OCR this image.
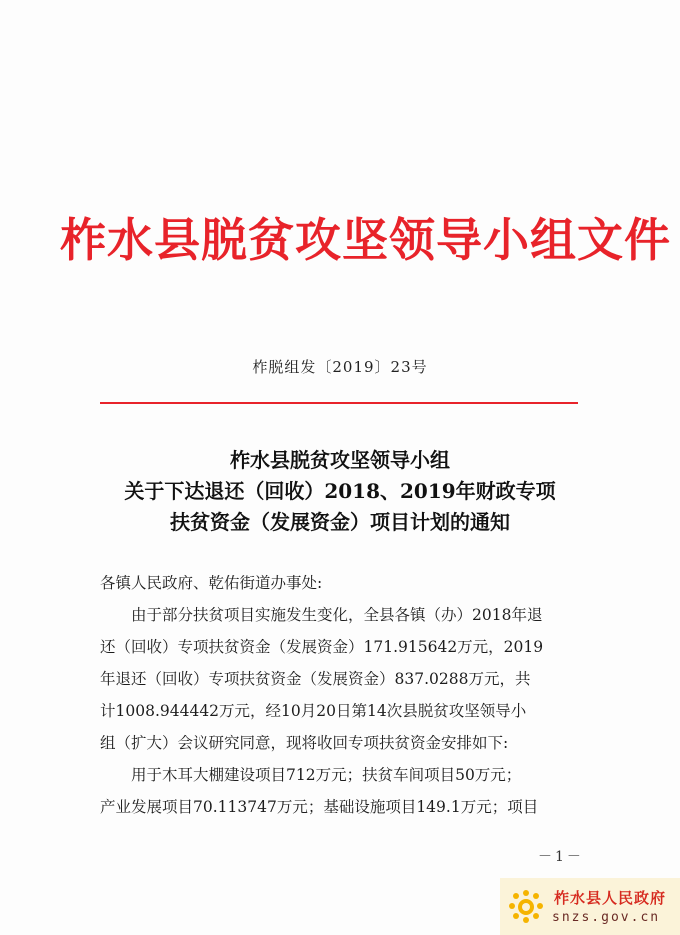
柞水县脱贫攻坚领导小组文件
柞脱组发〔2019〕23号
柞水县脱贫攻坚领导小组
关于下达退还（回收）2018、2019年财政专项
扶贫资金（发展资金）项目计划的通知

各镇人民政府、乾佑街道办事处:

由于部分扶贫项目实施发生变化，全县各镇（办）2018年退

还（回收）专项扶贫资金（发展资金）171.915642万元，2019

年退还（回收）专项扶贫资金（发展资金）837.0288万元，共

计1008.944442万元，经10月20日第14次县脱贫攻坚领导小

组（扩大）会议研究同意，现将收回专项扶贫资金安排如下:

用于木耳大棚建设项目712万元；扶贫车间项目50万元；

产业发展项目70.113747万元；基础设施项目149.1万元；项目

－1－
柞水县人民政府
snzs.gov.cn
